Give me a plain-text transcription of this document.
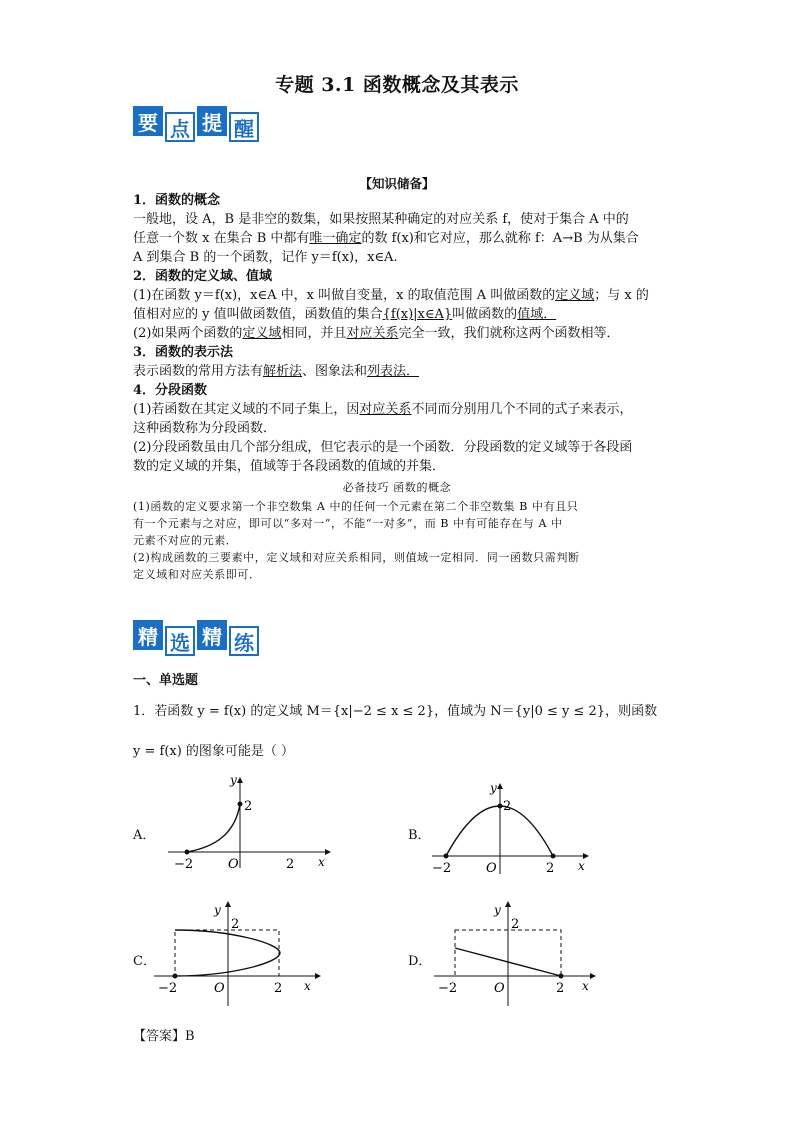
专题 3.1 函数概念及其表示
要 点 提 醒
【知识储备】
1．函数的概念
一般地，设 A，B 是非空的数集，如果按照某种确定的对应关系 f，使对于集合 A 中的
任意一个数 x 在集合 B 中都有唯一确定的数 f(x)和它对应，那么就称 f：A→B 为从集合
A 到集合 B 的一个函数，记作 y＝f(x)，x∈A.
2．函数的定义域、值域
(1)在函数 y＝f(x)，x∈A 中，x 叫做自变量，x 的取值范围 A 叫做函数的定义域；与 x 的
值相对应的 y 值叫做函数值，函数值的集合{f(x)|x∈A}叫做函数的值域．
(2)如果两个函数的定义域相同，并且对应关系完全一致，我们就称这两个函数相等．
3．函数的表示法
表示函数的常用方法有解析法、图象法和列表法．
4．分段函数
(1)若函数在其定义域的不同子集上，因对应关系不同而分别用几个不同的式子来表示，
这种函数称为分段函数．
(2)分段函数虽由几个部分组成，但它表示的是一个函数．分段函数的定义域等于各段函
数的定义域的并集，值域等于各段函数的值域的并集．
必备技巧 函数的概念
(1)函数的定义要求第一个非空数集 A 中的任何一个元素在第二个非空数集 B 中有且只
有一个元素与之对应，即可以“多对一”，不能“一对多”，而 B 中有可能存在与 A 中
元素不对应的元素．
(2)构成函数的三要素中，定义域和对应关系相同，则值域一定相同．同一函数只需判断
定义域和对应关系即可．
精 选 精 练
一、单选题
1．若函数 y = f(x) 的定义域 M＝{x|−2 ≤ x ≤ 2}，值域为 N＝{y|0 ≤ y ≤ 2}，则函数
y = f(x) 的图象可能是（ ）
A．	B．
C．	D．
y
2
−2	O	2 x
y
2
−2	O	2 x
y
2
−2	O	2 x
y
2
−2	O	2 x
【答案】B
